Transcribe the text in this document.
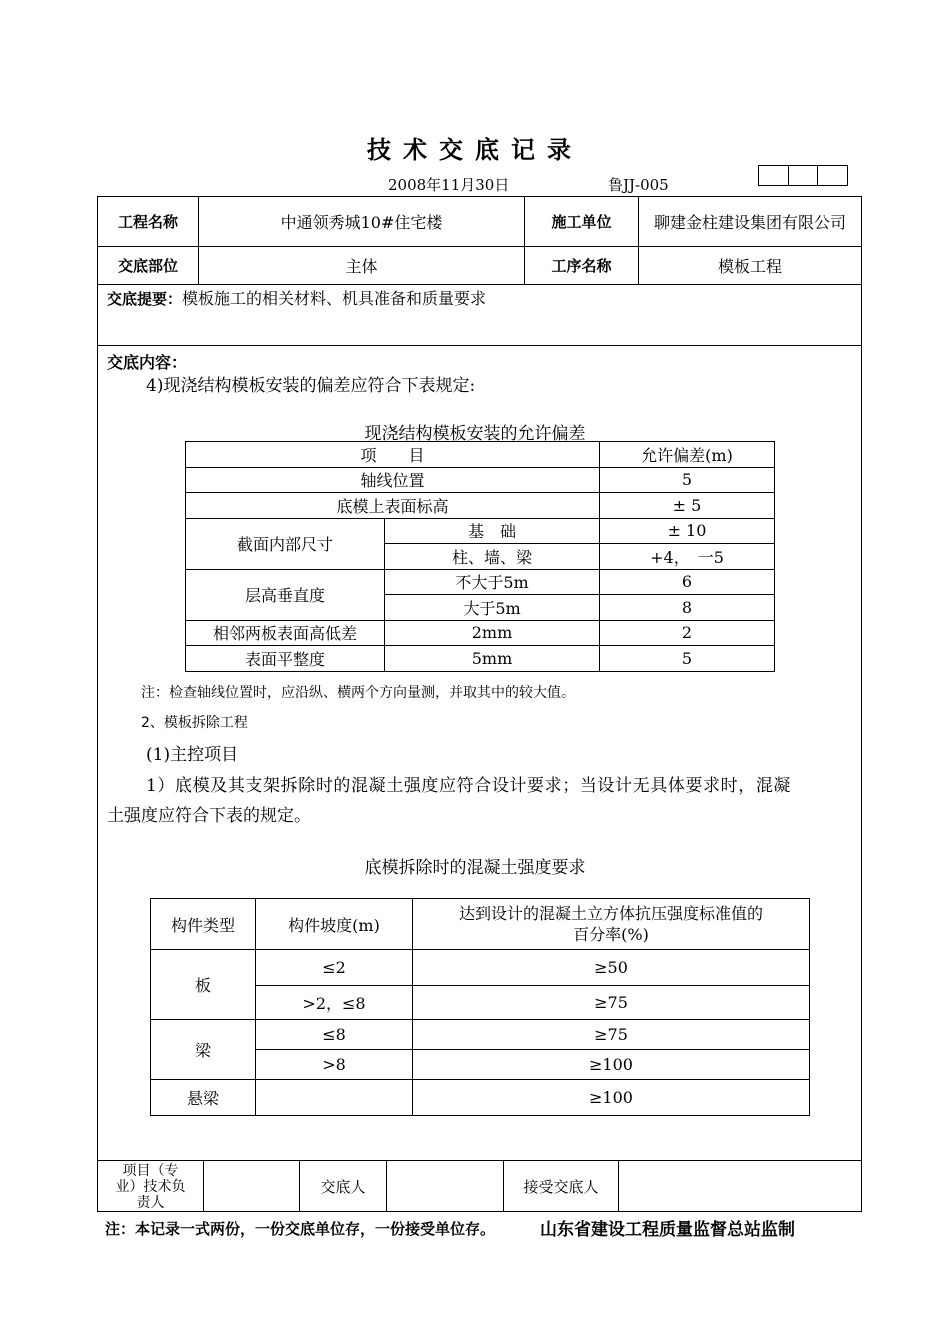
技术交底记录
2008年11月30日	鲁JJ-005
工程名称	中通领秀城10#住宅楼	施工单位	聊建金柱建设集团有限公司
交底部位	主体	工序名称	模板工程
交底提要：模板施工的相关材料、机具准备和质量要求
交底内容：
4)现浇结构模板安装的偏差应符合下表规定:
现浇结构模板安装的允许偏差
项　　目		允许偏差(m)
轴线位置		5
底模上表面标高		± 5
截面内部尺寸	基　础	± 10
	柱、墙、梁	+4，　一5
层高垂直度	不大于5m	6
	大于5m	8
相邻两板表面高低差	2mm	2
表面平整度	5mm	5
注：检查轴线位置时，应沿纵、横两个方向量测，并取其中的较大值。
2、模板拆除工程
(1)主控项目
1）底模及其支架拆除时的混凝土强度应符合设计要求；当设计无具体要求时，混凝
土强度应符合下表的规定。
底模拆除时的混凝土强度要求
构件类型	构件坡度(m)	达到设计的混凝土立方体抗压强度标准值的
百分率(%)

板	≤2	≥50
	>2，≤8	≥75
梁	≤8	≥75
	>8	≥100
悬梁		≥100
项目（专
业）技术负
责人
交底人	接受交底人
注：本记录一式两份，一份交底单位存，一份接受单位存。	山东省建设工程质量监督总站监制
